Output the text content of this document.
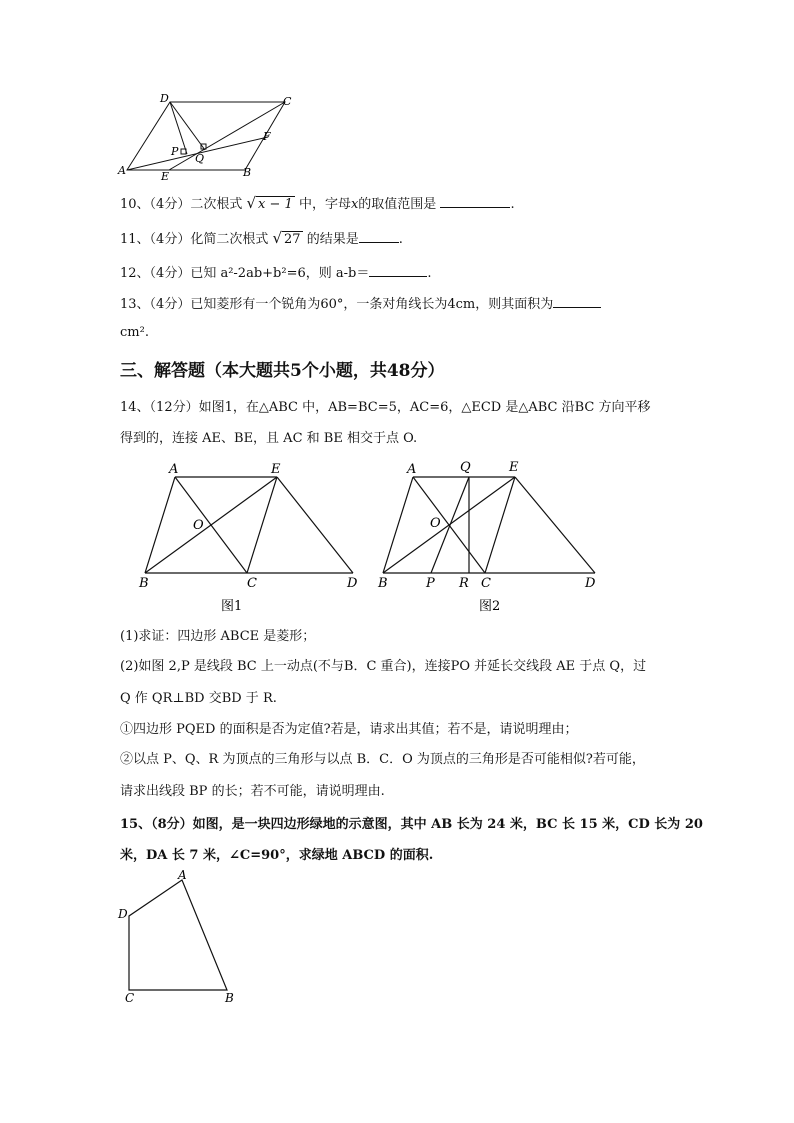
D	C
A	E	B
F
P
Q
10、（4分）二次根式 √ x − 1 中，字母x的取值范围是	.
11、（4分）化简二次根式 √ 27 的结果是	.
12、（4分）已知 a²-2ab+b²=6，则 a-b＝	.
13、（4分）已知菱形有一个锐角为60°，一条对角线长为4cm，则其面积为
cm².
三、解答题（本大题共5个小题，共48分）
14、（12分）如图1，在△ABC 中，AB=BC=5，AC=6，△ECD 是△ABC 沿BC 方向平移
得到的，连接 AE、BE，且 AC 和 BE 相交于点 O.
A	E
O
B	C	D
图1
A	Q	E
O
B	P R C	D
图2
(1)求证：四边形 ABCE 是菱形；
(2)如图 2,P 是线段 BC 上一动点(不与B．C 重合)，连接PO 并延长交线段 AE 于点 Q，过
Q 作 QR⊥BD 交BD 于 R.
①四边形 PQED 的面积是否为定值?若是，请求出其值；若不是，请说明理由；
②以点 P、Q、R 为顶点的三角形与以点 B．C．O 为顶点的三角形是否可能相似?若可能，
请求出线段 BP 的长；若不可能，请说明理由.
15、（8分）如图，是一块四边形绿地的示意图，其中 AB 长为 24 米，BC 长 15 米，CD 长为 20
米，DA 长 7 米，∠C=90°，求绿地 ABCD 的面积.
A
D
C	B
